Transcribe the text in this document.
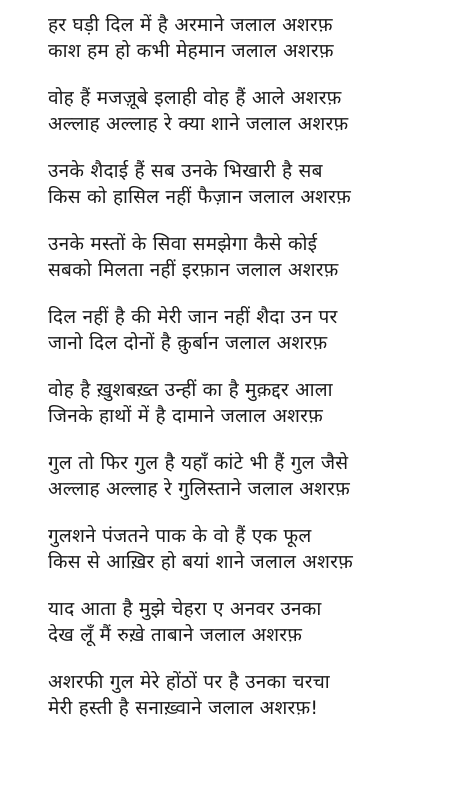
हर घड़ी दिल में है अरमाने जलाल अशरफ़
काश हम हो कभी मेहमान जलाल अशरफ़

वोह हैं मजज़ूबे इलाही वोह हैं आले अशरफ़
अल्लाह अल्लाह रे क्या शाने जलाल अशरफ़

उनके शैदाई हैं सब उनके भिखारी है सब
किस को हासिल नहीं फैज़ान जलाल अशरफ़

उनके मस्तों के सिवा समझेगा कैसे कोई
सबको मिलता नहीं इरफ़ान जलाल अशरफ़

दिल नहीं है की मेरी जान नहीं शैदा उन पर
जानो दिल दोनों है क़ुर्बान जलाल अशरफ़

वोह है ख़ुशबख़्त उन्हीं का है मुक़द्दर आला
जिनके हाथों में है दामाने जलाल अशरफ़

गुल तो फिर गुल है यहाँ कांटे भी हैं गुल जैसे
अल्लाह अल्लाह रे गुलिस्ताने जलाल अशरफ़

गुलशने पंजतने पाक के वो हैं एक फूल
किस से आख़िर हो बयां शाने जलाल अशरफ़

याद आता है मुझे चेहरा ए अनवर उनका
देख लूँ मैं रुख़े ताबाने जलाल अशरफ़

अशरफी गुल मेरे होंठों पर है उनका चरचा
मेरी हस्ती है सनाख़्वाने जलाल अशरफ़!
